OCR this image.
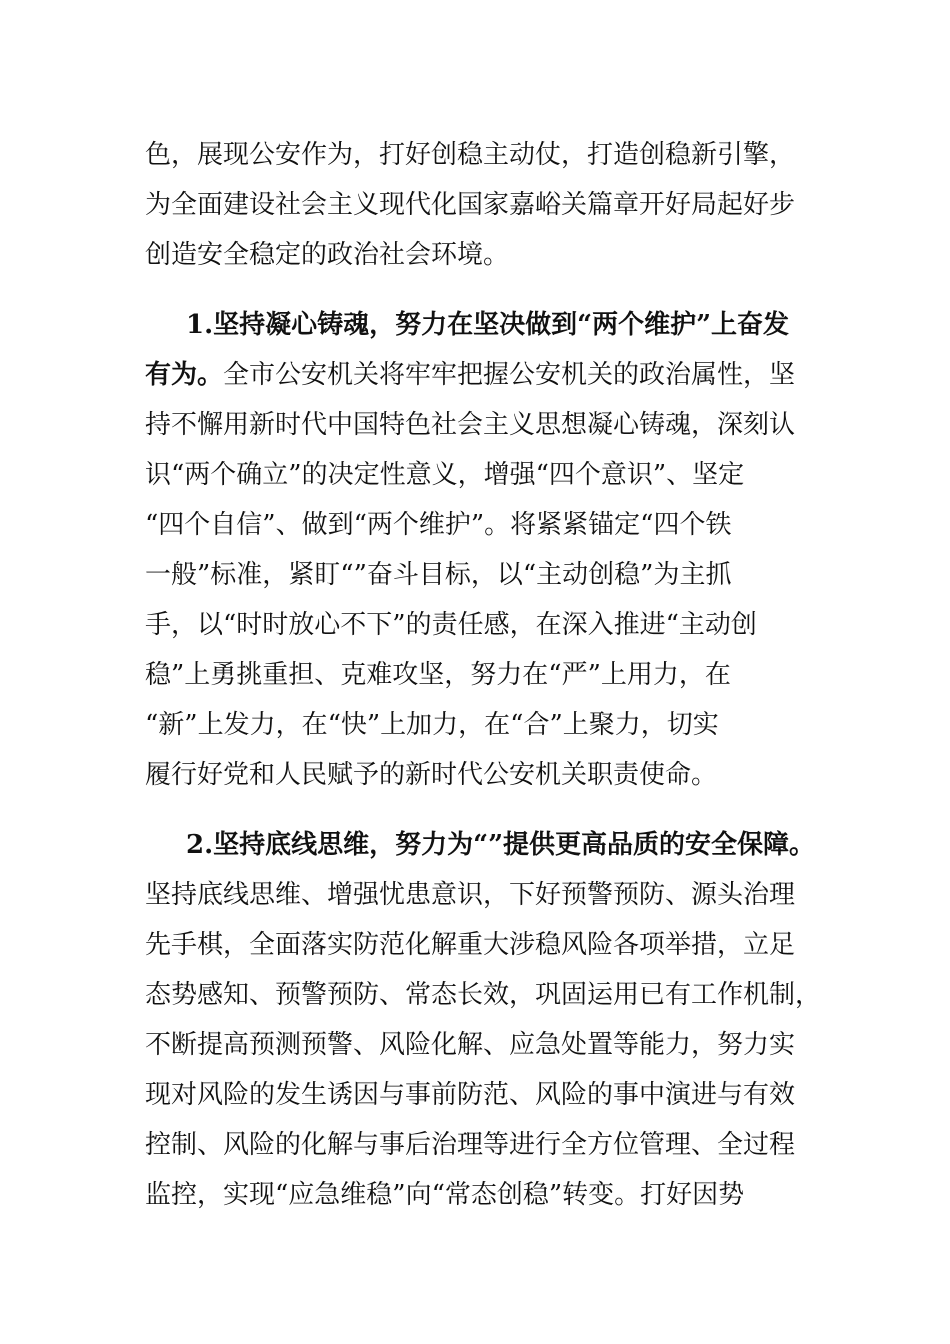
色，展现公安作为，打好创稳主动仗，打造创稳新引擎，
为全面建设社会主义现代化国家嘉峪关篇章开好局起好步
创造安全稳定的政治社会环境。
1.坚持凝心铸魂，努力在坚决做到“两个维护”上奋发
有为。全市公安机关将牢牢把握公安机关的政治属性，坚
持不懈用新时代中国特色社会主义思想凝心铸魂，深刻认
识“两个确立”的决定性意义，增强“四个意识”、坚定
“四个自信”、做到“两个维护”。将紧紧锚定“四个铁
一般”标准，紧盯“”奋斗目标，以“主动创稳”为主抓
手，以“时时放心不下”的责任感，在深入推进“主动创
稳”上勇挑重担、克难攻坚，努力在“严”上用力，在
“新”上发力，在“快”上加力，在“合”上聚力，切实
履行好党和人民赋予的新时代公安机关职责使命。
2.坚持底线思维，努力为“”提供更高品质的安全保障。
坚持底线思维、增强忧患意识，下好预警预防、源头治理
先手棋，全面落实防范化解重大涉稳风险各项举措，立足
态势感知、预警预防、常态长效，巩固运用已有工作机制，
不断提高预测预警、风险化解、应急处置等能力，努力实
现对风险的发生诱因与事前防范、风险的事中演进与有效
控制、风险的化解与事后治理等进行全方位管理、全过程
监控，实现“应急维稳”向“常态创稳”转变。打好因势
